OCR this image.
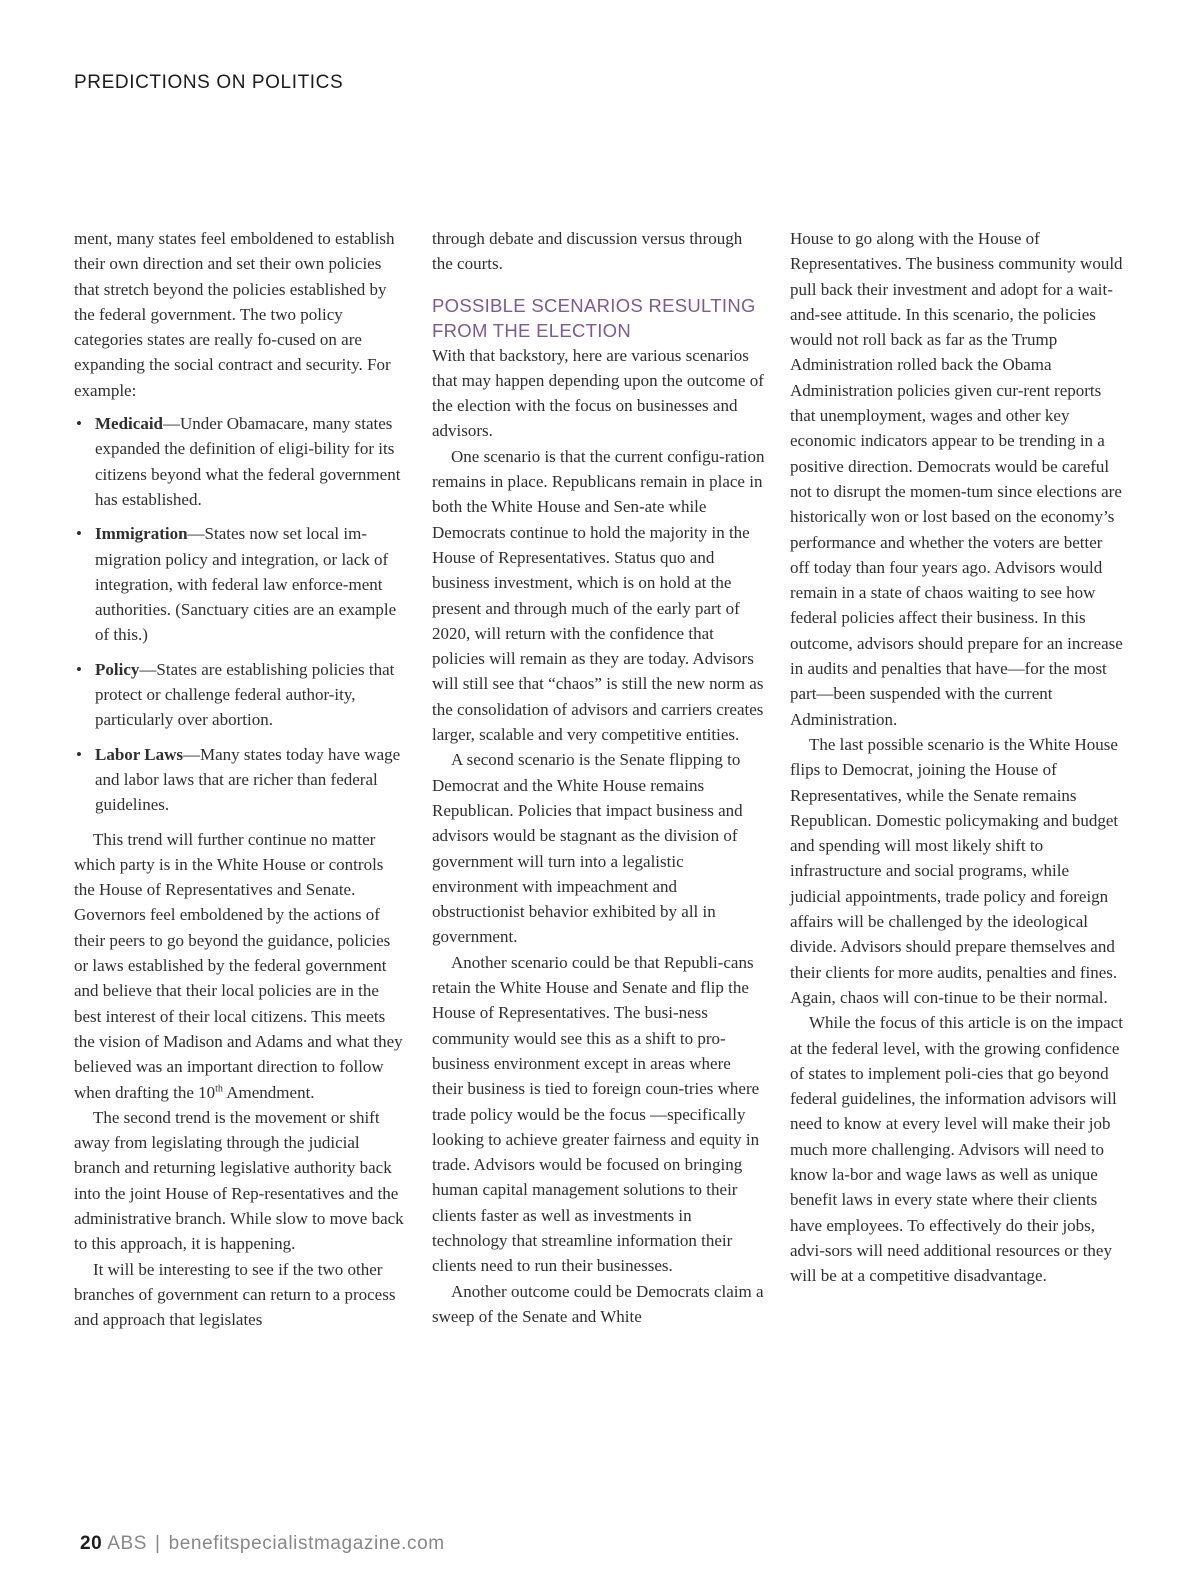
PREDICTIONS ON POLITICS

ment, many states feel emboldened to establish their own direction and set their own policies that stretch beyond the policies established by the federal government. The two policy categories states are really fo-cused on are expanding the social contract and security. For example:

• Medicaid—Under Obamacare, many states expanded the definition of eligi-bility for its citizens beyond what the federal government has established.
• Immigration—States now set local im-migration policy and integration, or lack of integration, with federal law enforce-ment authorities. (Sanctuary cities are an example of this.)
• Policy—States are establishing policies that protect or challenge federal author-ity, particularly over abortion.
• Labor Laws—Many states today have wage and labor laws that are richer than federal guidelines.

This trend will further continue no matter which party is in the White House or controls the House of Representatives and Senate. Governors feel emboldened by the actions of their peers to go beyond the guidance, policies or laws established by the federal government and believe that their local policies are in the best interest of their local citizens. This meets the vision of Madison and Adams and what they believed was an important direction to follow when drafting the 10th Amendment.

The second trend is the movement or shift away from legislating through the judicial branch and returning legislative authority back into the joint House of Rep-resentatives and the administrative branch. While slow to move back to this approach, it is happening.

It will be interesting to see if the two other branches of government can return to a process and approach that legislates

through debate and discussion versus through the courts.

POSSIBLE SCENARIOS RESULTING FROM THE ELECTION

With that backstory, here are various scenarios that may happen depending upon the outcome of the election with the focus on businesses and advisors.

One scenario is that the current configu-ration remains in place. Republicans remain in place in both the White House and Sen-ate while Democrats continue to hold the majority in the House of Representatives. Status quo and business investment, which is on hold at the present and through much of the early part of 2020, will return with the confidence that policies will remain as they are today. Advisors will still see that “chaos” is still the new norm as the consolidation of advisors and carriers creates larger, scalable and very competitive entities.

A second scenario is the Senate flipping to Democrat and the White House remains Republican. Policies that impact business and advisors would be stagnant as the division of government will turn into a legalistic environment with impeachment and obstructionist behavior exhibited by all in government.

Another scenario could be that Republi-cans retain the White House and Senate and flip the House of Representatives. The busi-ness community would see this as a shift to pro-business environment except in areas where their business is tied to foreign coun-tries where trade policy would be the focus —specifically looking to achieve greater fairness and equity in trade. Advisors would be focused on bringing human capital management solutions to their clients faster as well as investments in technology that streamline information their clients need to run their businesses.

Another outcome could be Democrats claim a sweep of the Senate and White

House to go along with the House of Representatives. The business community would pull back their investment and adopt for a wait-and-see attitude. In this scenario, the policies would not roll back as far as the Trump Administration rolled back the Obama Administration policies given cur-rent reports that unemployment, wages and other key economic indicators appear to be trending in a positive direction. Democrats would be careful not to disrupt the momen-tum since elections are historically won or lost based on the economy’s performance and whether the voters are better off today than four years ago. Advisors would remain in a state of chaos waiting to see how federal policies affect their business. In this outcome, advisors should prepare for an increase in audits and penalties that have—for the most part—been suspended with the current Administration.

The last possible scenario is the White House flips to Democrat, joining the House of Representatives, while the Senate remains Republican. Domestic policymaking and budget and spending will most likely shift to infrastructure and social programs, while judicial appointments, trade policy and foreign affairs will be challenged by the ideological divide. Advisors should prepare themselves and their clients for more audits, penalties and fines. Again, chaos will con-tinue to be their normal.

While the focus of this article is on the impact at the federal level, with the growing confidence of states to implement poli-cies that go beyond federal guidelines, the information advisors will need to know at every level will make their job much more challenging. Advisors will need to know la-bor and wage laws as well as unique benefit laws in every state where their clients have employees. To effectively do their jobs, advi-sors will need additional resources or they will be at a competitive disadvantage.

20 ABS | benefitspecialistmagazine.com
